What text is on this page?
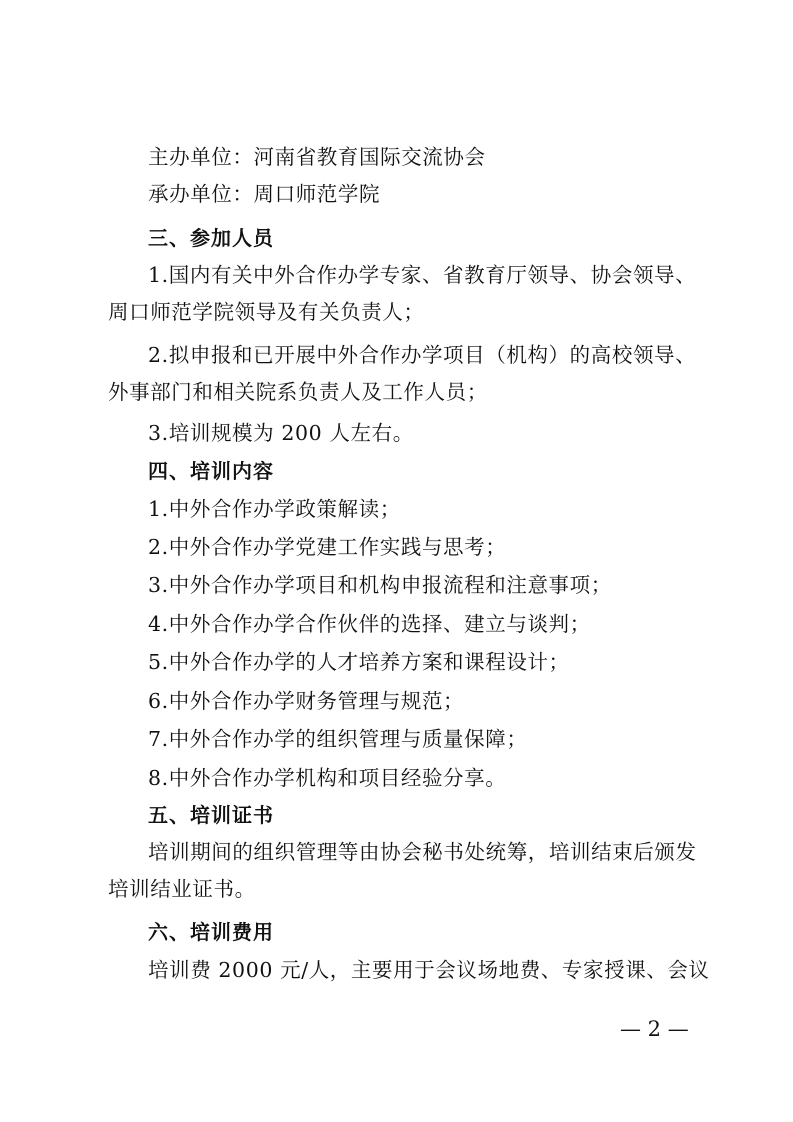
主办单位：河南省教育国际交流协会
承办单位：周口师范学院
三、参加人员
1.国内有关中外合作办学专家、省教育厅领导、协会领导、
周口师范学院领导及有关负责人；
2.拟申报和已开展中外合作办学项目（机构）的高校领导、
外事部门和相关院系负责人及工作人员；
3.培训规模为 200 人左右。
四、培训内容
1.中外合作办学政策解读；
2.中外合作办学党建工作实践与思考；
3.中外合作办学项目和机构申报流程和注意事项；
4.中外合作办学合作伙伴的选择、建立与谈判；
5.中外合作办学的人才培养方案和课程设计；
6.中外合作办学财务管理与规范；
7.中外合作办学的组织管理与质量保障；
8.中外合作办学机构和项目经验分享。
五、培训证书
培训期间的组织管理等由协会秘书处统筹，培训结束后颁发
培训结业证书。
六、培训费用
培训费 2000 元/人，主要用于会议场地费、专家授课、会议
— 2 —
